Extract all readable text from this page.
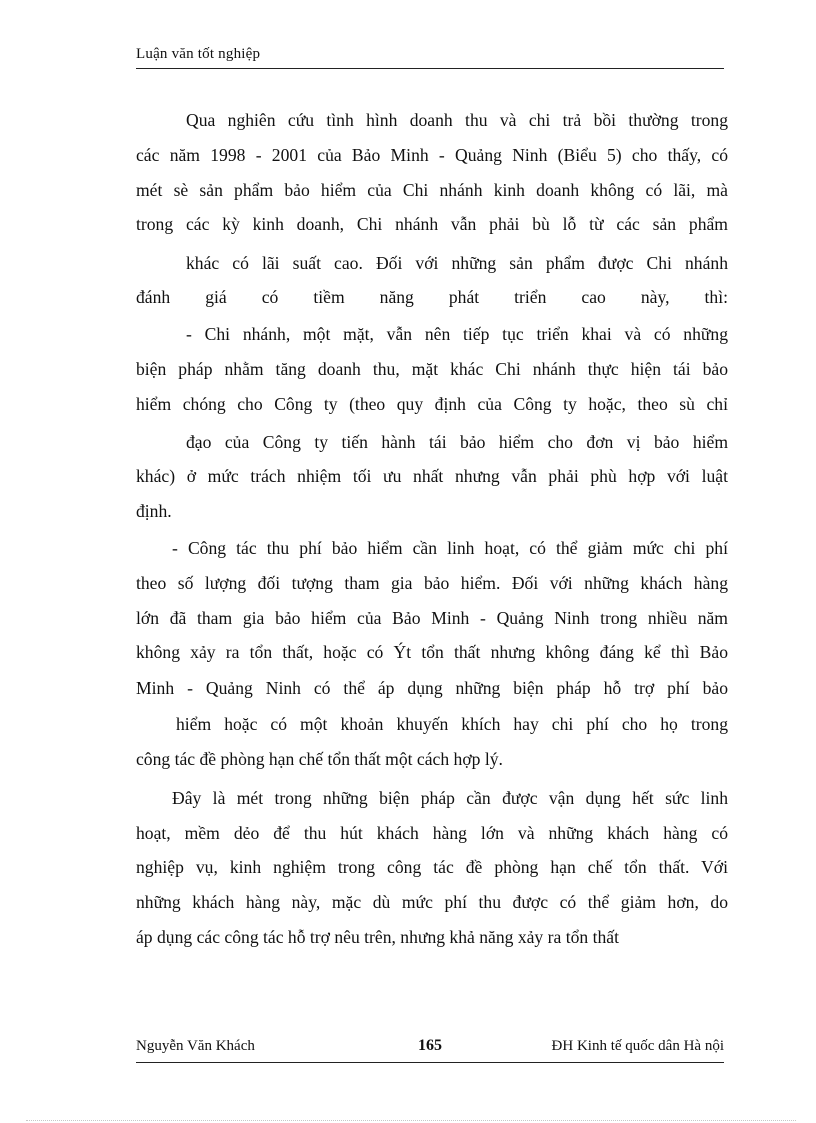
Luận văn tốt nghiệp
Qua nghiên cứu tình hình doanh thu và chi trả bồi thường trong
các năm 1998 - 2001 của Bảo Minh - Quảng Ninh (Biểu 5) cho thấy, có
mét sè sản phẩm bảo hiểm của Chi nhánh kinh doanh không có lãi, mà
trong các kỳ kinh doanh, Chi nhánh vẫn phải bù lỗ từ các sản phẩm
khác có lãi suất cao. Đối với những sản phẩm được Chi nhánh
đánh giá có tiềm năng phát triển cao này, thì:
- Chi nhánh, một mặt, vẫn nên tiếp tục triển khai và có những
biện pháp nhằm tăng doanh thu, mặt khác Chi nhánh thực hiện tái bảo
hiểm chóng cho Công ty (theo quy định của Công ty hoặc, theo sù chỉ
đạo của Công ty tiến hành tái bảo hiểm cho đơn vị bảo hiểm
khác) ở mức trách nhiệm tối ưu nhất nhưng vẫn phải phù hợp với luật
định.
- Công tác thu phí bảo hiểm cần linh hoạt, có thể giảm mức chi phí
theo số lượng đối tượng tham gia bảo hiểm. Đối với những khách hàng
lớn đã tham gia bảo hiểm của Bảo Minh - Quảng Ninh trong nhiều năm
không xảy ra tổn thất, hoặc có Ýt tổn thất nhưng không đáng kể thì Bảo
Minh - Quảng Ninh có thể áp dụng những biện pháp hỗ trợ phí bảo
hiểm hoặc có một khoản khuyến khích hay chi phí cho họ trong
công tác đề phòng hạn chế tổn thất một cách hợp lý.
Đây là mét trong những biện pháp cần được vận dụng hết sức linh
hoạt, mềm dẻo để thu hút khách hàng lớn và những khách hàng có
nghiệp vụ, kinh nghiệm trong công tác đề phòng hạn chế tổn thất. Với
những khách hàng này, mặc dù mức phí thu được có thể giảm hơn, do
áp dụng các công tác hỗ trợ nêu trên, nhưng khả năng xảy ra tổn thất
Nguyễn Văn Khách	165	ĐH Kinh tế quốc dân Hà nội
